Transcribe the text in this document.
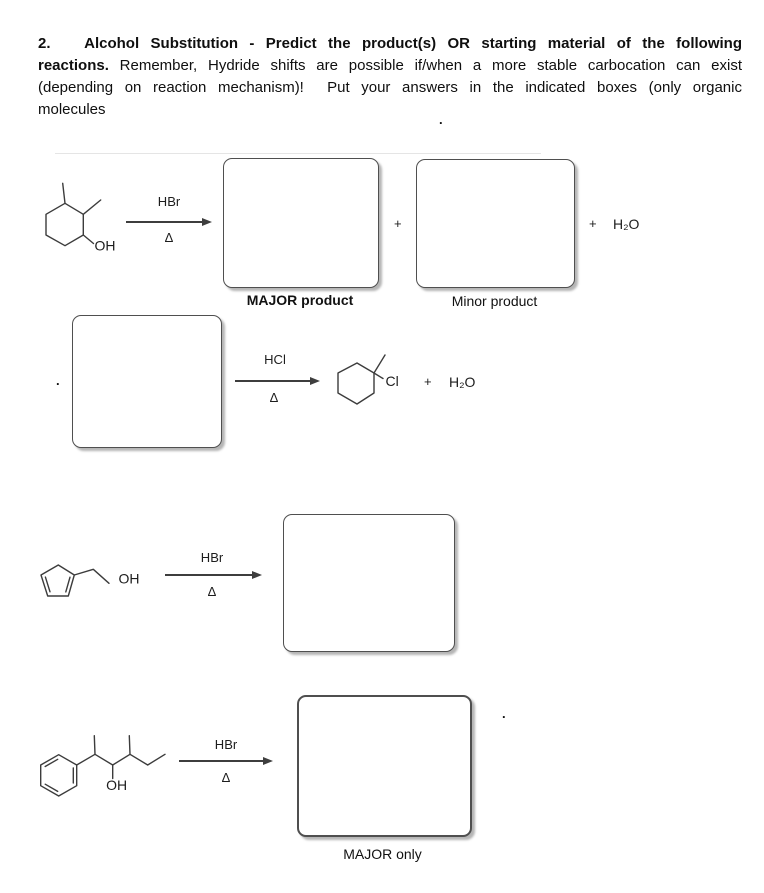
2.   Alcohol Substitution - Predict the product(s) OR starting material of the following
reactions. Remember, Hydride shifts are possible if/when a more stable carbocation can exist
(depending on reaction mechanism)!  Put your answers in the indicated boxes (only organic
molecules
.
OH
HBr
Δ
MAJOR product
+
Minor product
+ H₂O
.
HCl
Δ
Cl + H₂O
OH
HBr
Δ
OH
HBr
Δ
MAJOR only
.
